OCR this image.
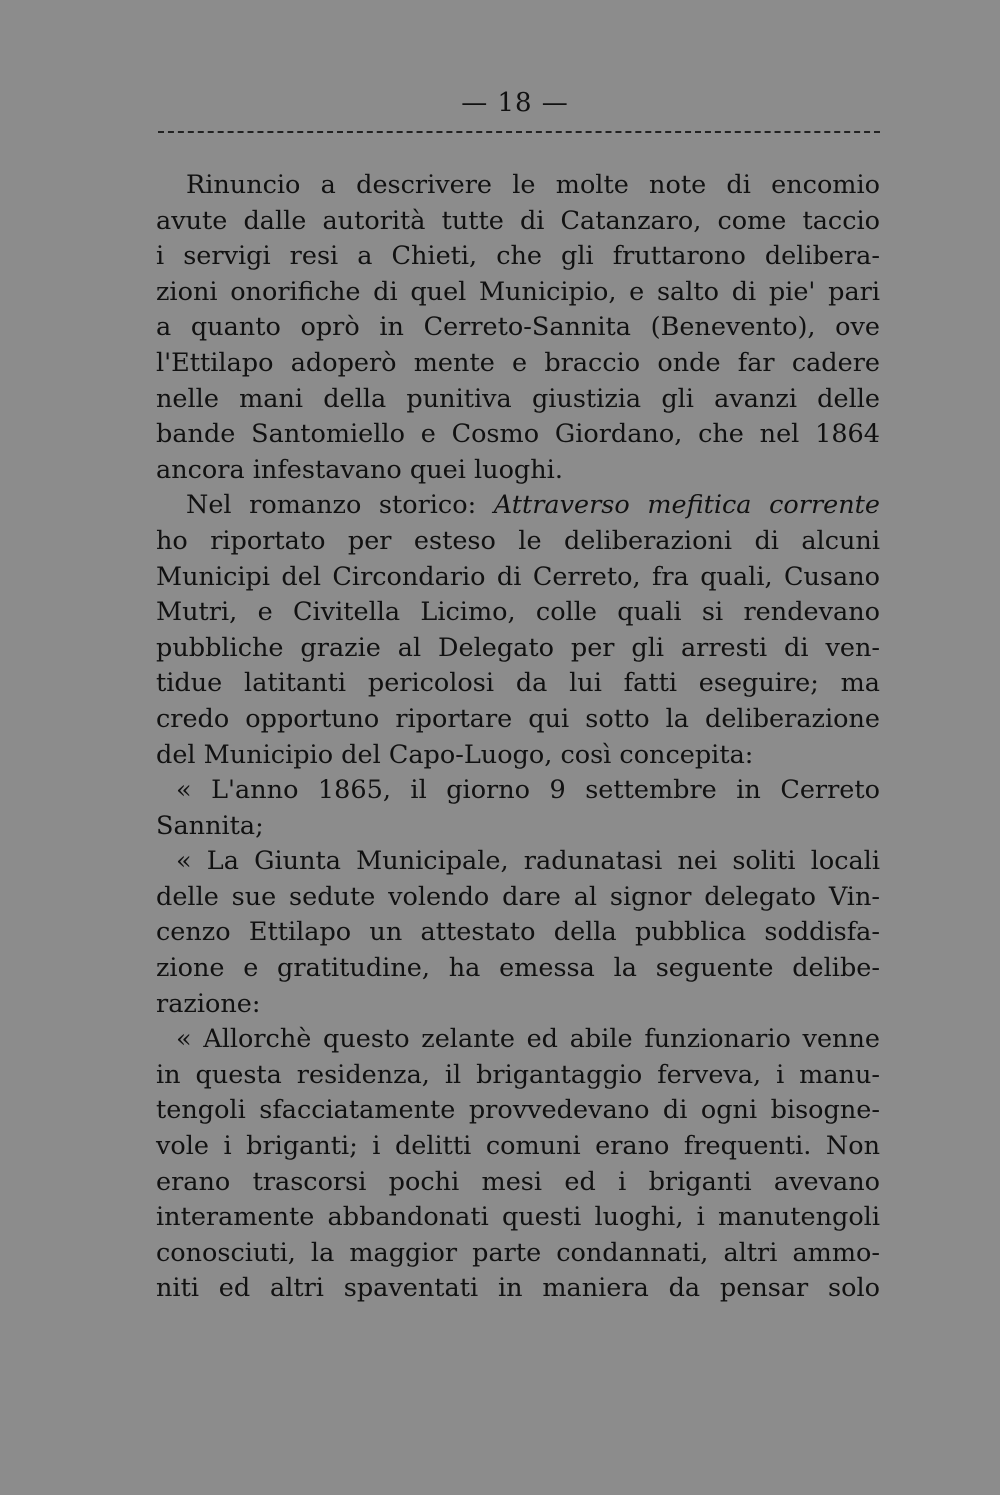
— 18 —
Rinuncio a descrivere le molte note di encomio
avute dalle autorità tutte di Catanzaro, come taccio
i servigi resi a Chieti, che gli fruttarono delibera-
zioni onorifiche di quel Municipio, e salto di pie' pari
a quanto oprò in Cerreto-Sannita (Benevento), ove
l'Ettilapo adoperò mente e braccio onde far cadere
nelle mani della punitiva giustizia gli avanzi delle
bande Santomiello e Cosmo Giordano, che nel 1864
ancora infestavano quei luoghi.
Nel romanzo storico: Attraverso mefitica corrente
ho riportato per esteso le deliberazioni di alcuni
Municipi del Circondario di Cerreto, fra quali, Cusano
Mutri, e Civitella Licimo, colle quali si rendevano
pubbliche grazie al Delegato per gli arresti di ven-
tidue latitanti pericolosi da lui fatti eseguire; ma
credo opportuno riportare qui sotto la deliberazione
del Municipio del Capo-Luogo, così concepita:
« L'anno 1865, il giorno 9 settembre in Cerreto
Sannita;
« La Giunta Municipale, radunatasi nei soliti locali
delle sue sedute volendo dare al signor delegato Vin-
cenzo Ettilapo un attestato della pubblica soddisfa-
zione e gratitudine, ha emessa la seguente delibe-
razione:
« Allorchè questo zelante ed abile funzionario venne
in questa residenza, il brigantaggio ferveva, i manu-
tengoli sfacciatamente provvedevano di ogni bisogne-
vole i briganti; i delitti comuni erano frequenti. Non
erano trascorsi pochi mesi ed i briganti avevano
interamente abbandonati questi luoghi, i manutengoli
conosciuti, la maggior parte condannati, altri ammo-
niti ed altri spaventati in maniera da pensar solo
